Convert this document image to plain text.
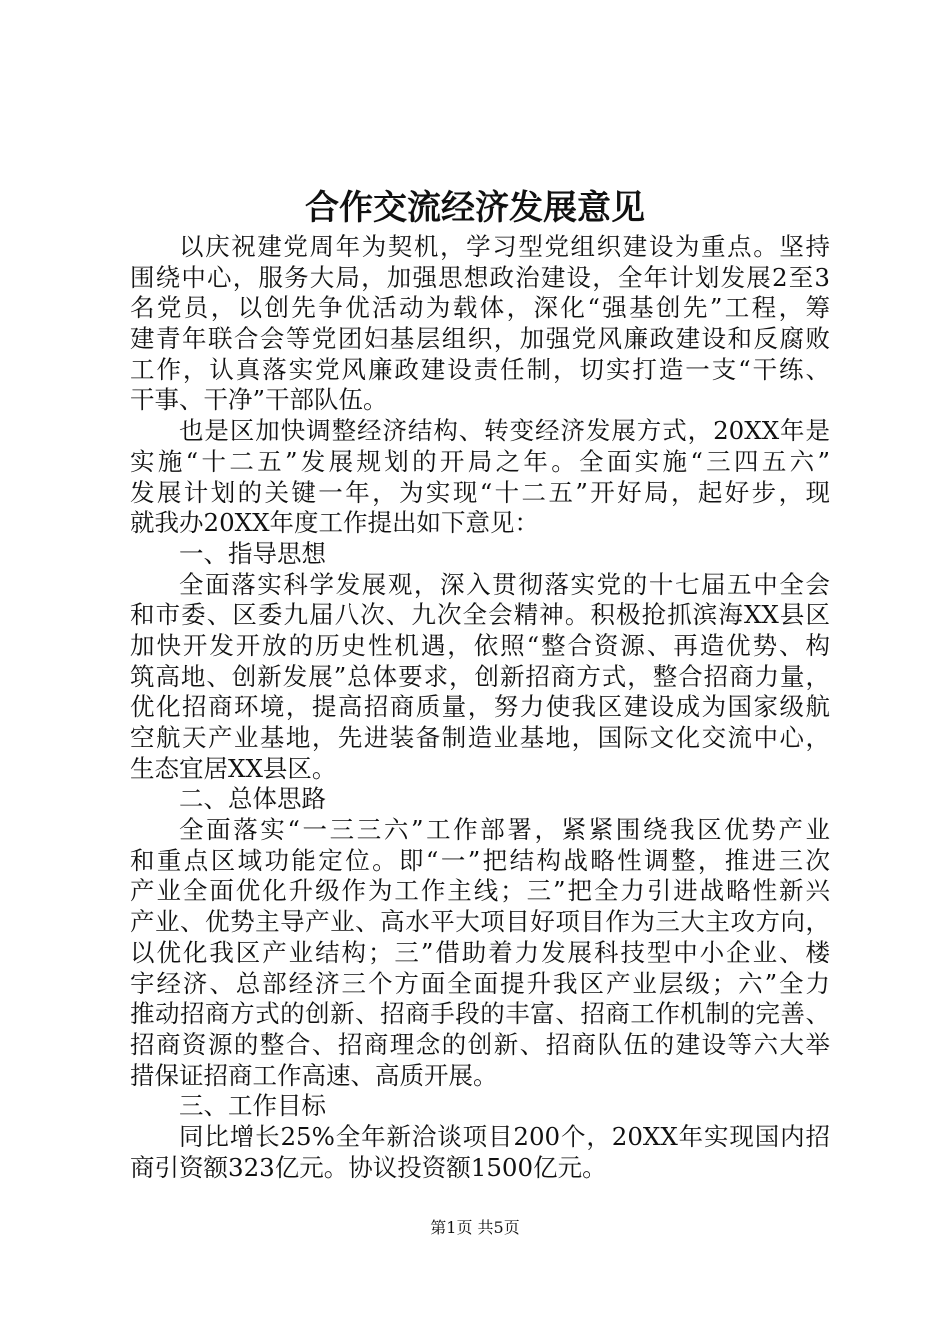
合作交流经济发展意见
以庆祝建党周年为契机，学习型党组织建设为重点。坚持
围绕中心，服务大局，加强思想政治建设，全年计划发展2至3
名党员，以创先争优活动为载体，深化“强基创先”工程，筹
建青年联合会等党团妇基层组织，加强党风廉政建设和反腐败
工作，认真落实党风廉政建设责任制，切实打造一支“干练、
干事、干净”干部队伍。
也是区加快调整经济结构、转变经济发展方式，20XX年是
实施“十二五”发展规划的开局之年。全面实施“三四五六”
发展计划的关键一年，为实现“十二五”开好局，起好步，现
就我办20XX年度工作提出如下意见：
一、指导思想
全面落实科学发展观，深入贯彻落实党的十七届五中全会
和市委、区委九届八次、九次全会精神。积极抢抓滨海XX县区
加快开发开放的历史性机遇，依照“整合资源、再造优势、构
筑高地、创新发展”总体要求，创新招商方式，整合招商力量，
优化招商环境，提高招商质量，努力使我区建设成为国家级航
空航天产业基地，先进装备制造业基地，国际文化交流中心，
生态宜居XX县区。
二、总体思路
全面落实“一三三六”工作部署，紧紧围绕我区优势产业
和重点区域功能定位。即“一”把结构战略性调整，推进三次
产业全面优化升级作为工作主线；三”把全力引进战略性新兴
产业、优势主导产业、高水平大项目好项目作为三大主攻方向，
以优化我区产业结构；三”借助着力发展科技型中小企业、楼
宇经济、总部经济三个方面全面提升我区产业层级；六”全力
推动招商方式的创新、招商手段的丰富、招商工作机制的完善、
招商资源的整合、招商理念的创新、招商队伍的建设等六大举
措保证招商工作高速、高质开展。
三、工作目标
同比增长25%全年新洽谈项目200个，20XX年实现国内招
商引资额323亿元。协议投资额1500亿元。
第1页 共5页
